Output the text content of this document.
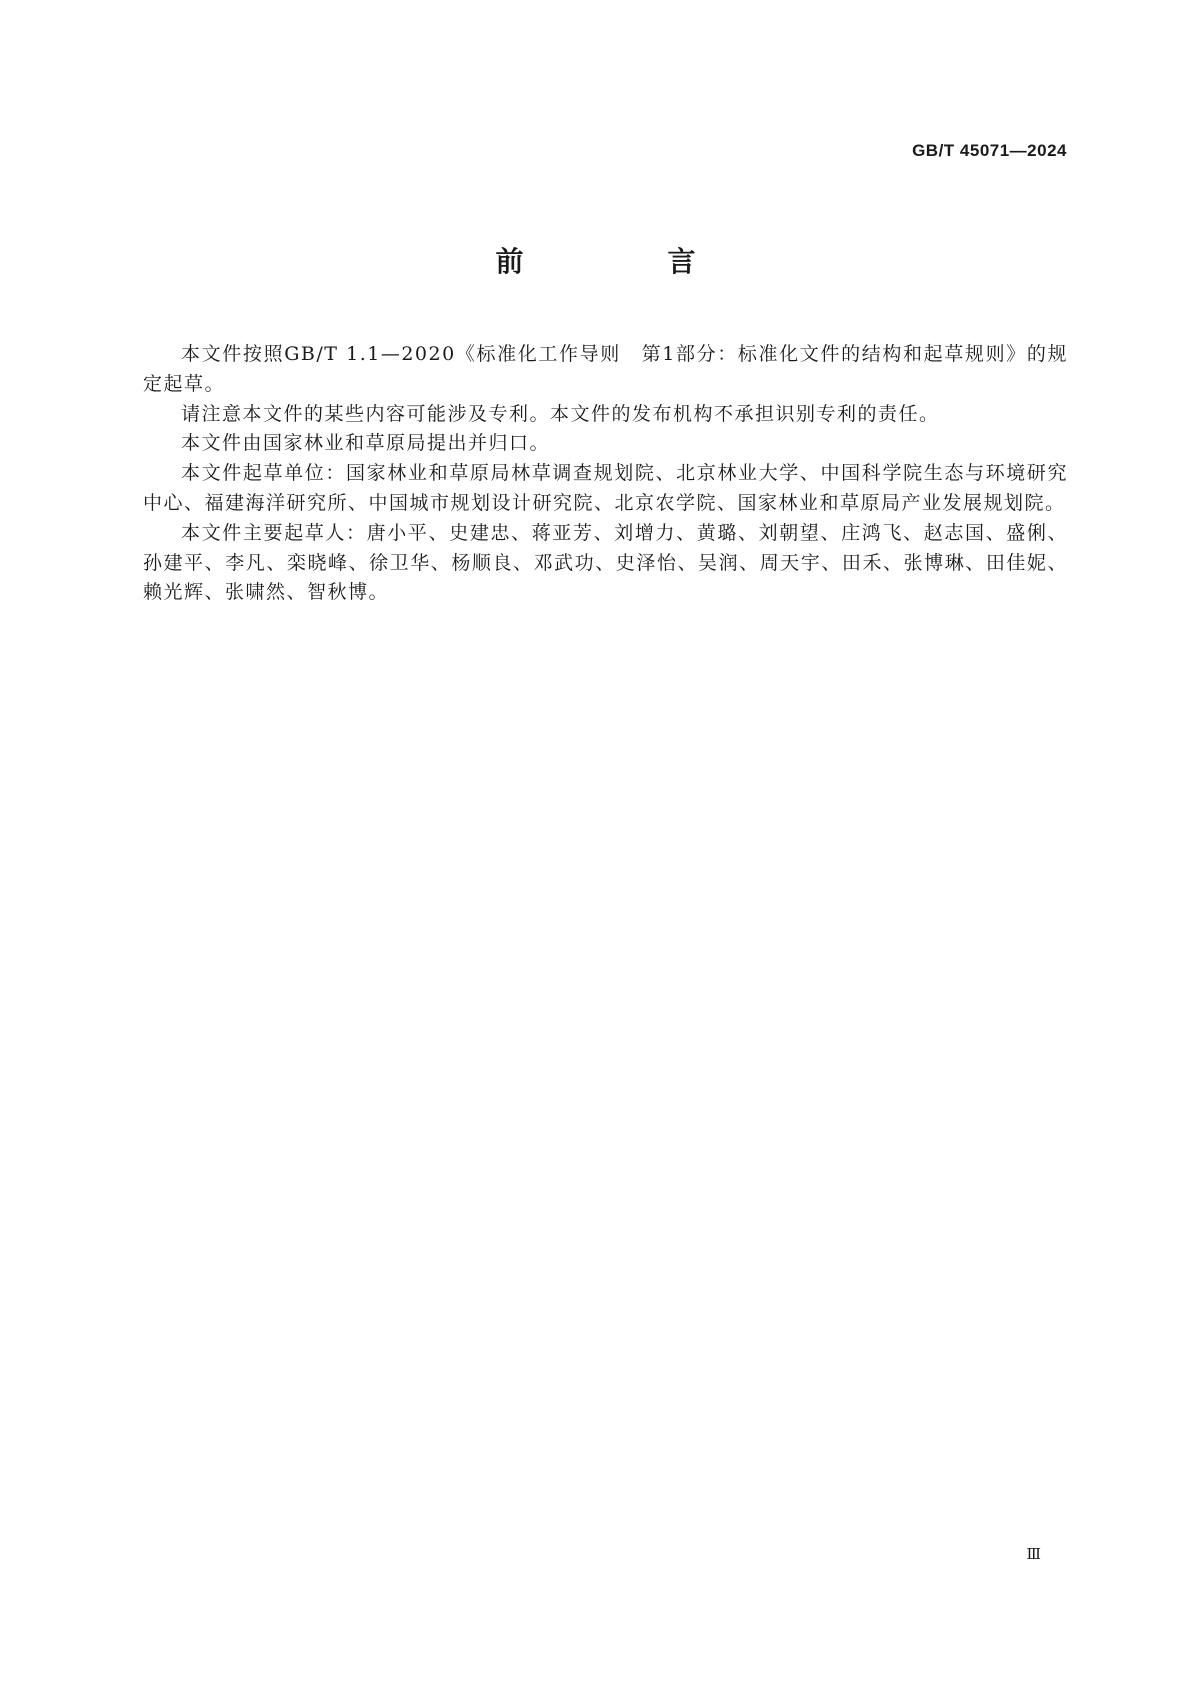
GB/T 45071—2024
前　言

本文件按照GB/T 1.1—2020《标准化工作导则　第1部分：标准化文件的结构和起草规则》的规定起草。

请注意本文件的某些内容可能涉及专利。本文件的发布机构不承担识别专利的责任。

本文件由国家林业和草原局提出并归口。

本文件起草单位：国家林业和草原局林草调查规划院、北京林业大学、中国科学院生态与环境研究中心、福建海洋研究所、中国城市规划设计研究院、北京农学院、国家林业和草原局产业发展规划院。

本文件主要起草人：唐小平、史建忠、蒋亚芳、刘增力、黄璐、刘朝望、庄鸿飞、赵志国、盛俐、孙建平、李凡、栾晓峰、徐卫华、杨顺良、邓武功、史泽怡、吴润、周天宇、田禾、张博琳、田佳妮、赖光辉、张啸然、智秋博。

Ⅲ
